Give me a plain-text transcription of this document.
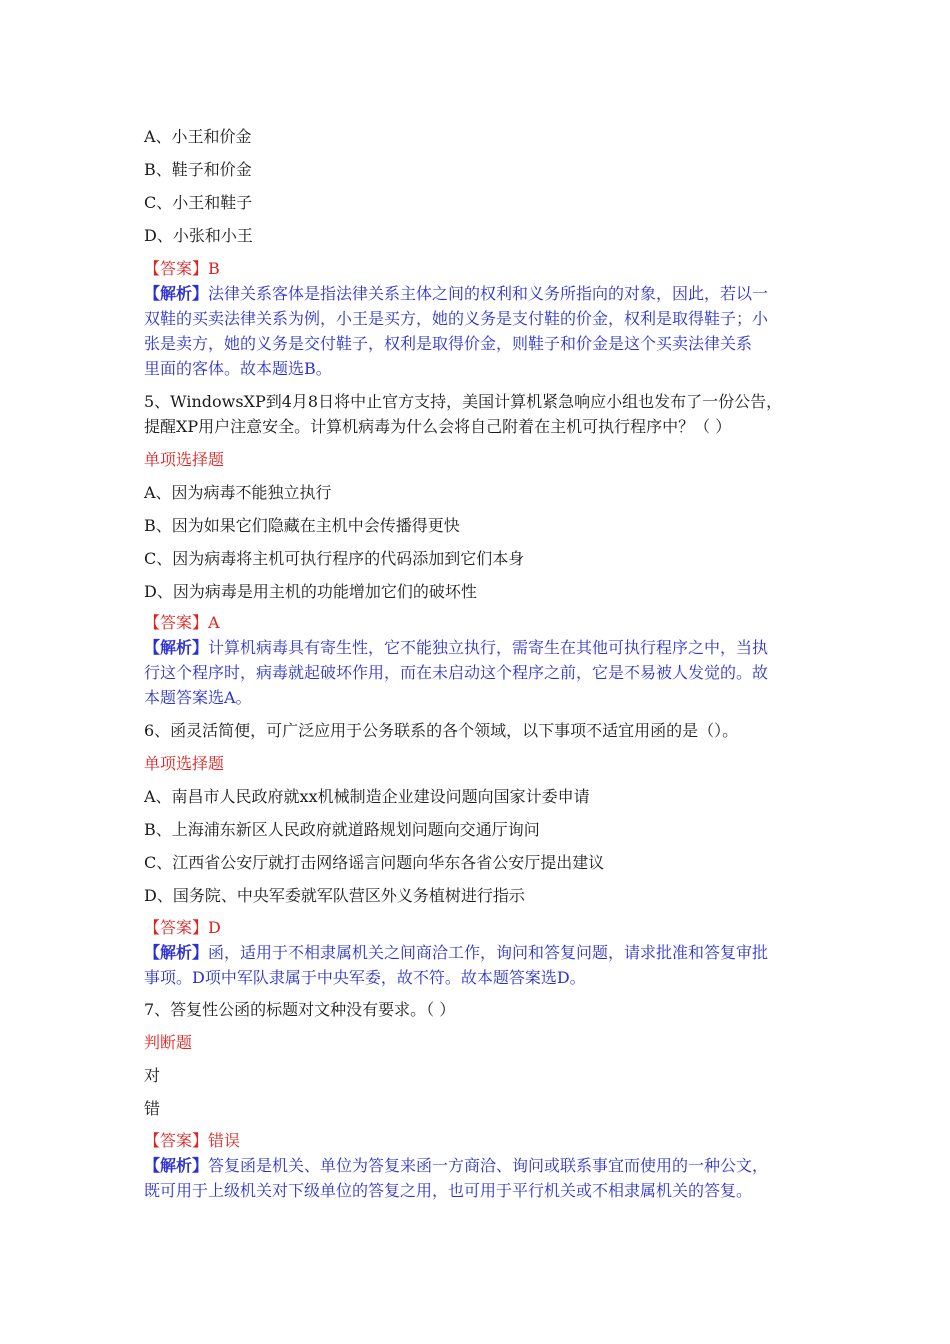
A、小王和价金
B、鞋子和价金
C、小王和鞋子
D、小张和小王
【答案】B
【解析】法律关系客体是指法律关系主体之间的权利和义务所指向的对象，因此，若以一
双鞋的买卖法律关系为例，小王是买方，她的义务是支付鞋的价金，权利是取得鞋子；小
张是卖方，她的义务是交付鞋子，权利是取得价金，则鞋子和价金是这个买卖法律关系
里面的客体。故本题选B。
5、WindowsXP到4月8日将中止官方支持，美国计算机紧急响应小组也发布了一份公告，
提醒XP用户注意安全。计算机病毒为什么会将自己附着在主机可执行程序中？（ ）
单项选择题
A、因为病毒不能独立执行
B、因为如果它们隐藏在主机中会传播得更快
C、因为病毒将主机可执行程序的代码添加到它们本身
D、因为病毒是用主机的功能增加它们的破坏性
【答案】A
【解析】计算机病毒具有寄生性，它不能独立执行，需寄生在其他可执行程序之中，当执
行这个程序时，病毒就起破坏作用，而在未启动这个程序之前，它是不易被人发觉的。故
本题答案选A。
6、函灵活简便，可广泛应用于公务联系的各个领域，以下事项不适宜用函的是（）。
单项选择题
A、南昌市人民政府就xx机械制造企业建设问题向国家计委申请
B、上海浦东新区人民政府就道路规划问题向交通厅询问
C、江西省公安厅就打击网络谣言问题向华东各省公安厅提出建议
D、国务院、中央军委就军队营区外义务植树进行指示
【答案】D
【解析】函，适用于不相隶属机关之间商洽工作，询问和答复问题，请求批准和答复审批
事项。D项中军队隶属于中央军委，故不符。故本题答案选D。
7、答复性公函的标题对文种没有要求。（ ）
判断题
对
错
【答案】错误
【解析】答复函是机关、单位为答复来函一方商洽、询问或联系事宜而使用的一种公文，
既可用于上级机关对下级单位的答复之用，也可用于平行机关或不相隶属机关的答复。
